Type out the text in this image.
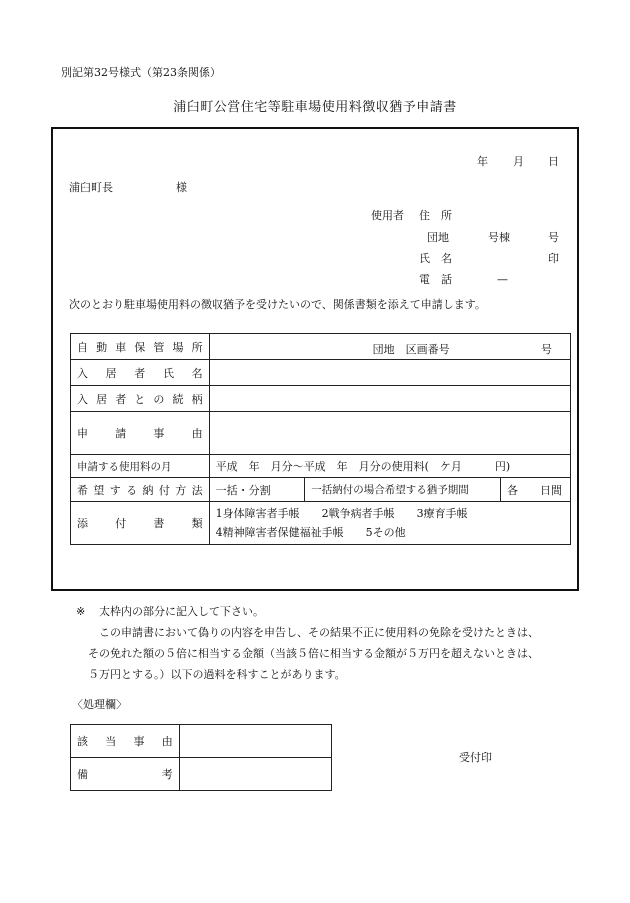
別記第32号様式（第23条関係）
浦臼町公営住宅等駐車場使用料徴収猶予申請書
年 月 日
浦臼町長	様
使用者 住　所
団地	号棟	号
氏　名	印
電　話	—
次のとおり駐車場使用料の徴収猶予を受けたいので、関係書類を添えて申請します。
自動車保管場所	団地　区画番号 号		

入居者氏名			
入居者との続柄			
申請事由			
申請する使用料の月	平成　年　月分～平成　年　月分の使用料(　ケ月　　　円)		
希望する納付方法	一括・分割	一括納付の場合希望する猶予期間	各　　日間
添付書類	1身体障害者手帳　　2戦争病者手帳　　3療育手帳
4精神障害者保健福祉手帳　　5その他		
※ 太枠内の部分に記入して下さい。
この申請書において偽りの内容を申告し、その結果不正に使用料の免除を受けたときは、
その免れた額の５倍に相当する金額（当該５倍に相当する金額が５万円を超えないときは、
５万円とする。）以下の過料を科すことがあります。
〈処理欄〉
該当事由	
備考	
受付印
